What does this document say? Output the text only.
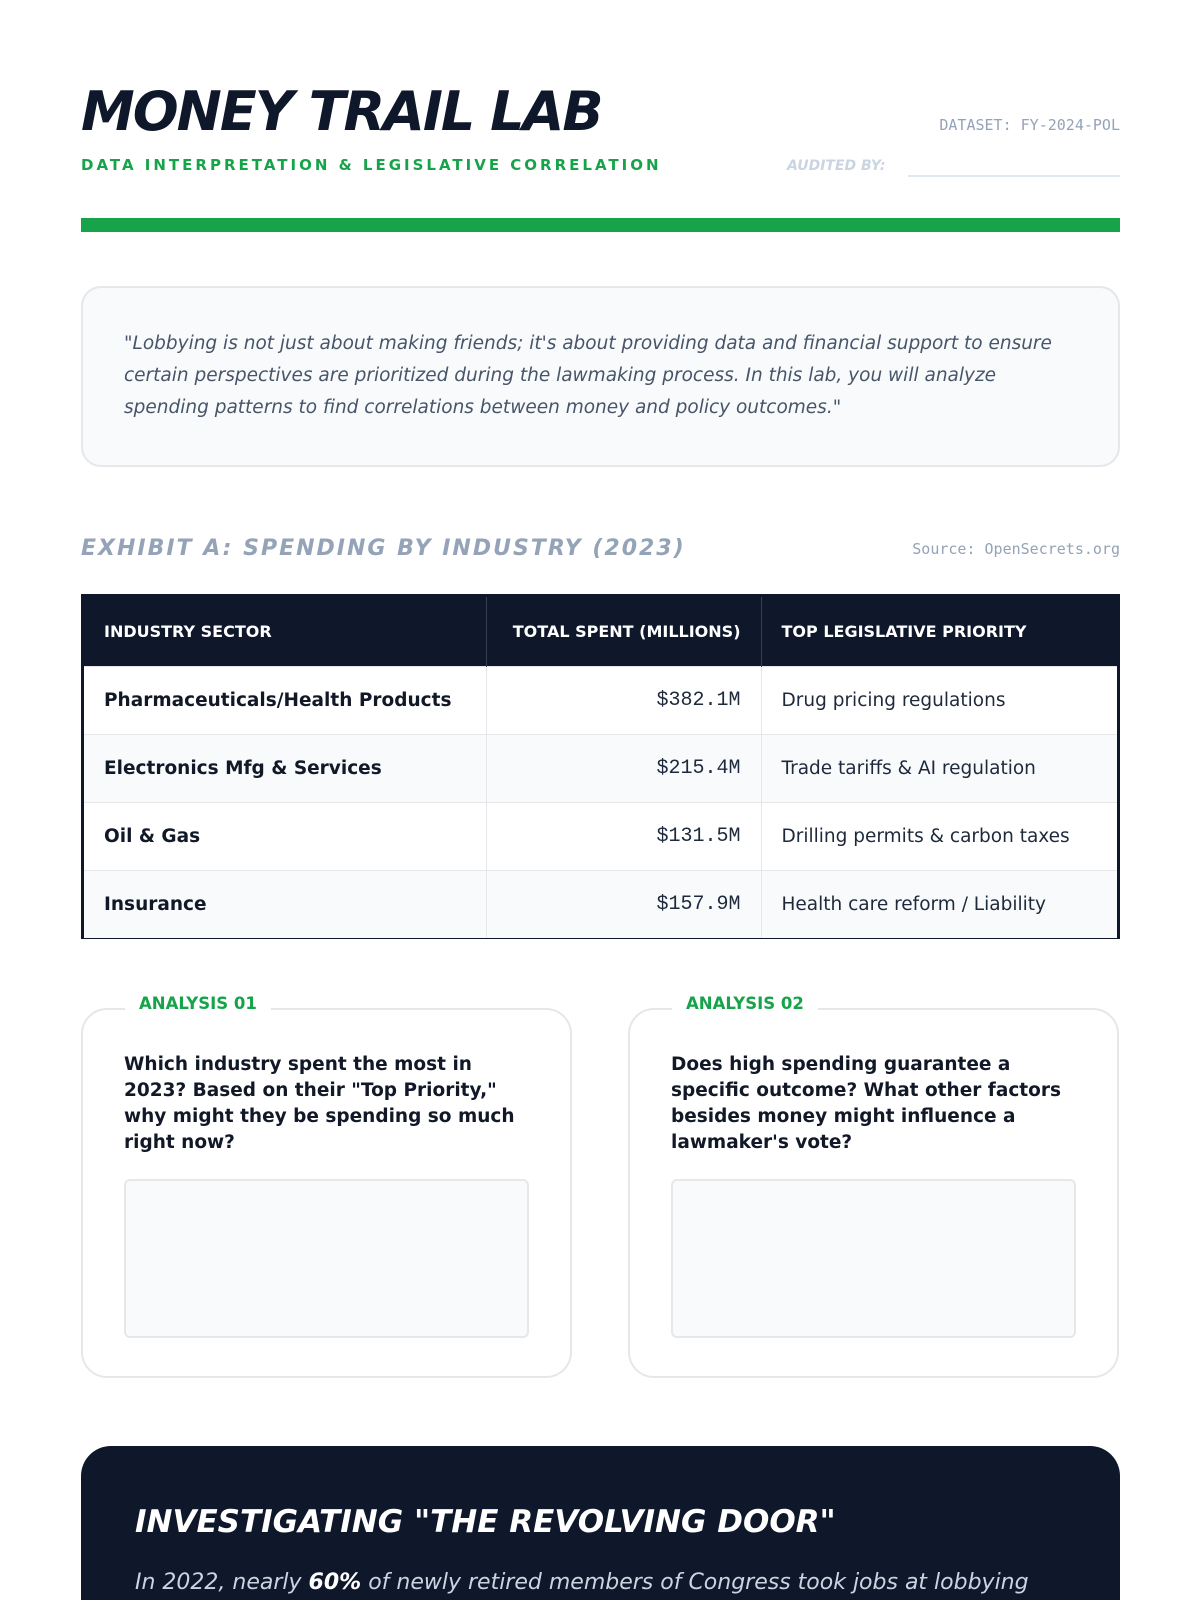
MONEY TRAIL LAB
DATA INTERPRETATION & LEGISLATIVE CORRELATION
DATASET: FY-2024-POL
AUDITED BY:

"Lobbying is not just about making friends; it's about providing data and financial support to ensure certain perspectives are prioritized during the lawmaking process. In this lab, you will analyze spending patterns to find correlations between money and policy outcomes."

EXHIBIT A: SPENDING BY INDUSTRY (2023)	Source: OpenSecrets.org
INDUSTRY SECTOR	TOTAL SPENT (MILLIONS)	TOP LEGISLATIVE PRIORITY
Pharmaceuticals/Health Products	$382.1M	Drug pricing regulations
Electronics Mfg & Services	$215.4M	Trade tariffs & AI regulation
Oil & Gas	$131.5M	Drilling permits & carbon taxes
Insurance	$157.9M	Health care reform / Liability
ANALYSIS 01

Which industry spent the most in 2023? Based on their "Top Priority," why might they be spending so much right now?

ANALYSIS 02

Does high spending guarantee a specific outcome? What other factors besides money might influence a lawmaker's vote?

INVESTIGATING "THE REVOLVING DOOR"
In 2022, nearly 60% of newly retired members of Congress took jobs at lobbying
